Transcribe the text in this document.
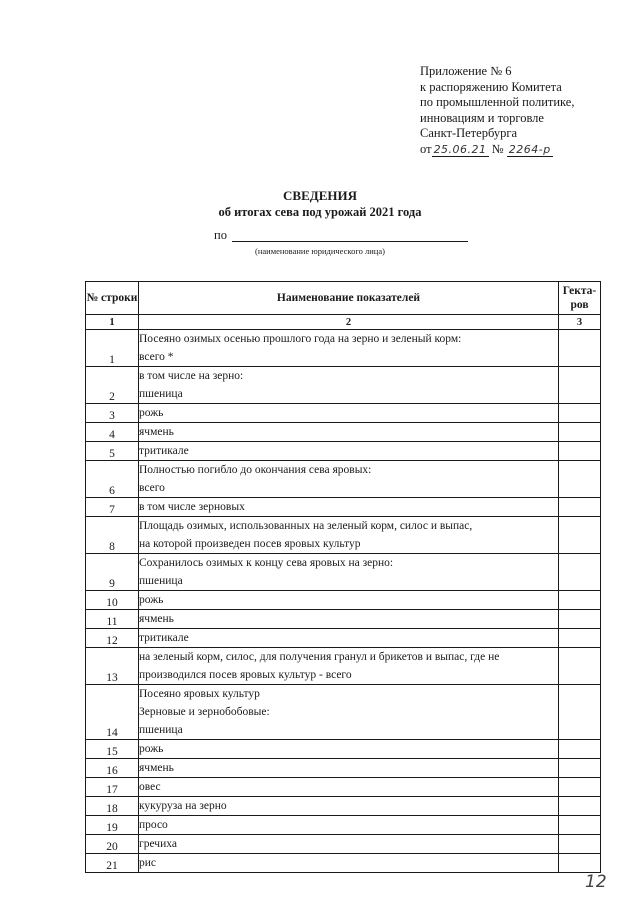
Приложение № 6
к распоряжению Комитета
по промышленной политике,
инновациям и торговле
Санкт-Петербурга
от 25.06.21 № 2264-р
СВЕДЕНИЯ
об итогах сева под урожай 2021 года
по
(наименование юридического лица)
№ строки	Наименование показателей	Гекта-ров
1	2	3
1	Посеяно озимых осенью прошлого года на зерно и зеленый корм:
всего *	

2	в том числе на зерно:
пшеница	

3	рожь	

4	ячмень	

5	тритикале	

6	Полностью погибло до окончания сева яровых:
всего	

7	в том числе зерновых	

8	Площадь озимых, использованных на зеленый корм, силос и выпас,
на которой произведен посев яровых культур	

9	Сохранилось озимых к концу сева яровых на зерно:
пшеница	

10	рожь	

11	ячмень	

12	тритикале	

13	на зеленый корм, силос, для получения гранул и брикетов и выпас, где не
производился посев яровых культур - всего	

14	Посеяно яровых культур
Зерновые и зернобобовые:
пшеница	

15	рожь	

16	ячмень	

17	овес	

18	кукуруза на зерно	

19	просо	

20	гречиха	

21	рис	

12
